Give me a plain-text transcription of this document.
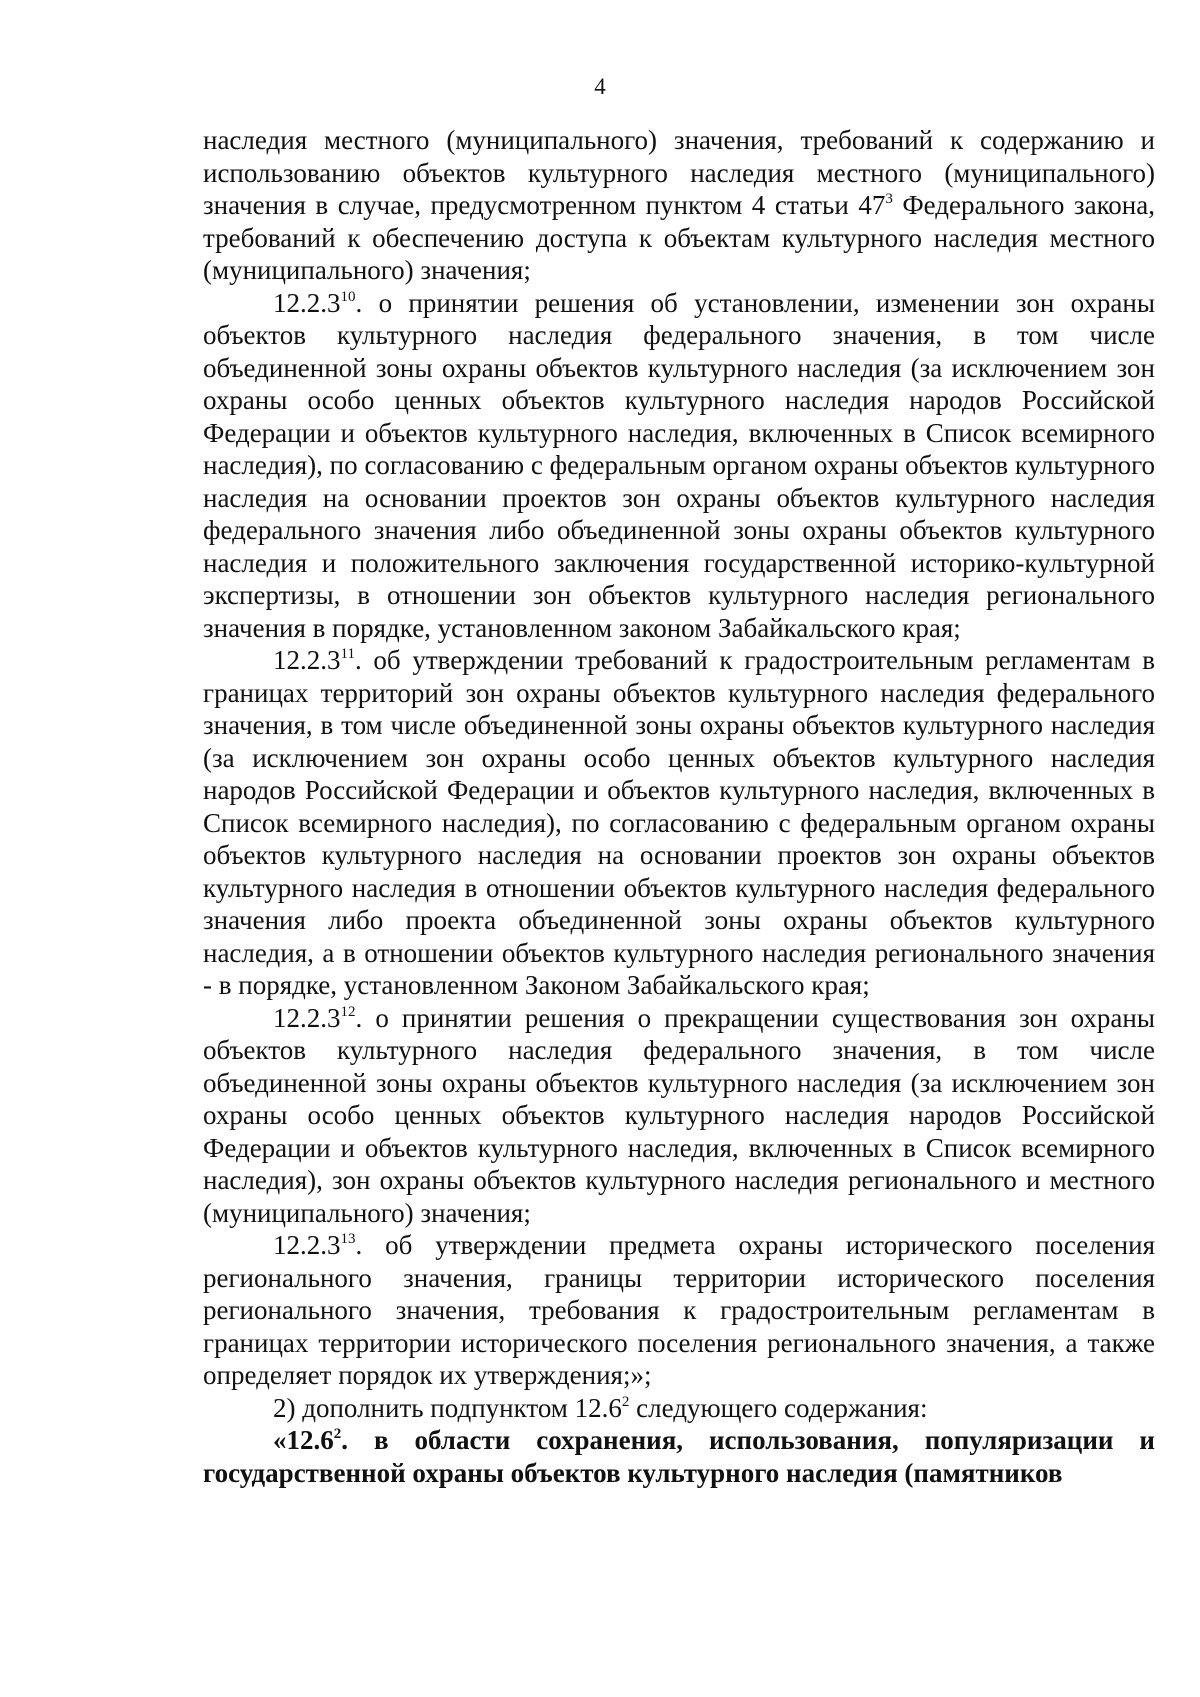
4

наследия местного (муниципального) значения, требований к содержанию и использованию объектов культурного наследия местного (муниципального) значения в случае, предусмотренном пунктом 4 статьи $47^3$ Федерального закона, требований к обеспечению доступа к объектам культурного наследия местного (муниципального) значения;

12.2.3$^{10}$. о принятии решения об установлении, изменении зон охраны объектов культурного наследия федерального значения, в том числе объединенной зоны охраны объектов культурного наследия (за исключением зон охраны особо ценных объектов культурного наследия народов Российской Федерации и объектов культурного наследия, включенных в Список всемирного наследия), по согласованию с федеральным органом охраны объектов культурного наследия на основании проектов зон охраны объектов культурного наследия федерального значения либо объединенной зоны охраны объектов культурного наследия и положительного заключения государственной историко-культурной экспертизы, в отношении зон объектов культурного наследия регионального значения в порядке, установленном законом Забайкальского края;

12.2.3$^{11}$. об утверждении требований к градостроительным регламентам в границах территорий зон охраны объектов культурного наследия федерального значения, в том числе объединенной зоны охраны объектов культурного наследия (за исключением зон охраны особо ценных объектов культурного наследия народов Российской Федерации и объектов культурного наследия, включенных в Список всемирного наследия), по согласованию с федеральным органом охраны объектов культурного наследия на основании проектов зон охраны объектов культурного наследия в отношении объектов культурного наследия федерального значения либо проекта объединенной зоны охраны объектов культурного наследия, а в отношении объектов культурного наследия регионального значения - в порядке, установленном Законом Забайкальского края;

12.2.3$^{12}$. о принятии решения о прекращении существования зон охраны объектов культурного наследия федерального значения, в том числе объединенной зоны охраны объектов культурного наследия (за исключением зон охраны особо ценных объектов культурного наследия народов Российской Федерации и объектов культурного наследия, включенных в Список всемирного наследия), зон охраны объектов культурного наследия регионального и местного (муниципального) значения;

12.2.3$^{13}$. об утверждении предмета охраны исторического поселения регионального значения, границы территории исторического поселения регионального значения, требования к градостроительным регламентам в границах территории исторического поселения регионального значения, а также определяет порядок их утверждения;»;

2) дополнить подпунктом 12.6$^2$ следующего содержания:

«12.6$^2$. в области сохранения, использования, популяризации и государственной охраны объектов культурного наследия (памятников
